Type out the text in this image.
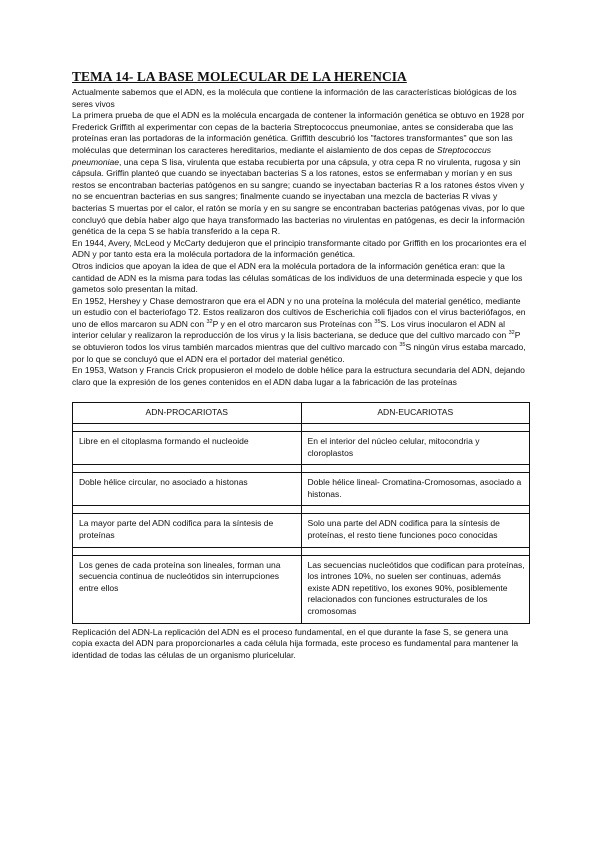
TEMA 14- LA BASE MOLECULAR DE LA HERENCIA

Actualmente sabemos que el ADN, es la molécula que contiene la información de las características biológicas de los seres vivos

La primera prueba de que el ADN es la molécula encargada de contener la información genética se obtuvo en 1928 por Frederick Griffith al experimentar con cepas de la bacteria Streptococcus pneumoniae, antes se consideraba que las proteínas eran las portadoras de la información genética. Griffith descubrió los "factores transformantes" que son las moléculas que determinan los caracteres hereditarios, mediante el aislamiento de dos cepas de Streptococcus pneumoniae, una cepa S lisa, virulenta que estaba recubierta por una cápsula, y otra cepa R no virulenta, rugosa y sin cápsula. Griffin planteó que cuando se inyectaban bacterias S a los ratones, estos se enfermaban y morían y en sus restos se encontraban bacterias patógenos en su sangre; cuando se inyectaban bacterias R a los ratones éstos viven y no se encuentran bacterias en sus sangres; finalmente cuando se inyectaban una mezcla de bacterias R vivas y bacterias S muertas por el calor, el ratón se moría y en su sangre se encontraban bacterias patógenas vivas, por lo que concluyó que debía haber algo que haya transformado las bacterias no virulentas en patógenas, es decir la información genética de la cepa S se había transferido a la cepa R.

En 1944, Avery, McLeod y McCarty dedujeron que el principio transformante citado por Griffith en los procariontes era el ADN y por tanto esta era la molécula portadora de la información genética.

Otros indicios que apoyan la idea de que el ADN era la molécula portadora de la información genética eran: que la cantidad de ADN es la misma para todas las células somáticas de los individuos de una determinada especie y que los gametos solo presentan la mitad.

En 1952, Hershey y Chase demostraron que era el ADN y no una proteína la molécula del material genético, mediante un estudio con el bacteriofago T2. Estos realizaron dos cultivos de Escherichia coli fijados con el virus bacteriófagos, en uno de ellos marcaron su ADN con $^{32}$P y en el otro marcaron sus Proteínas con $^{35}$S. Los virus inocularon el ADN al interior celular y realizaron la reproducción de los virus y la lisis bacteriana, se deduce que del cultivo marcado con $^{32}$P se obtuvieron todos los virus también marcados mientras que del cultivo marcado con $^{35}$S ningún virus estaba marcado, por lo que se concluyó que el ADN era el portador del material genético.

En 1953, Watson y Francis Crick propusieron el modelo de doble hélice para la estructura secundaria del ADN, dejando claro que la expresión de los genes contenidos en el ADN daba lugar a la fabricación de las proteínas

ADN-PROCARIOTAS	ADN-EUCARIOTAS

Libre en el citoplasma formando el nucleoide	En el interior del núcleo celular, mitocondria y cloroplastos

Doble hélice circular, no asociado a histonas	Doble hélice lineal- Cromatina-Cromosomas, asociado a histonas.

La mayor parte del ADN codifica para la síntesis de proteínas	Solo una parte del ADN codifica para la síntesis de proteínas, el resto tiene funciones poco conocidas

Los genes de cada proteína son lineales, forman una secuencia continua de nucleótidos sin interrupciones entre ellos	Las secuencias nucleótidos que codifican para proteínas, los intrones 10%, no suelen ser continuas, además existe ADN repetitivo, los exones 90%, posiblemente relacionados con funciones estructurales de los cromosomas

Replicación del ADN-La replicación del ADN es el proceso fundamental, en el que durante la fase S, se genera una copia exacta del ADN para proporcionarles a cada célula hija formada, este proceso es fundamental para mantener la identidad de todas las células de un organismo pluricelular.
